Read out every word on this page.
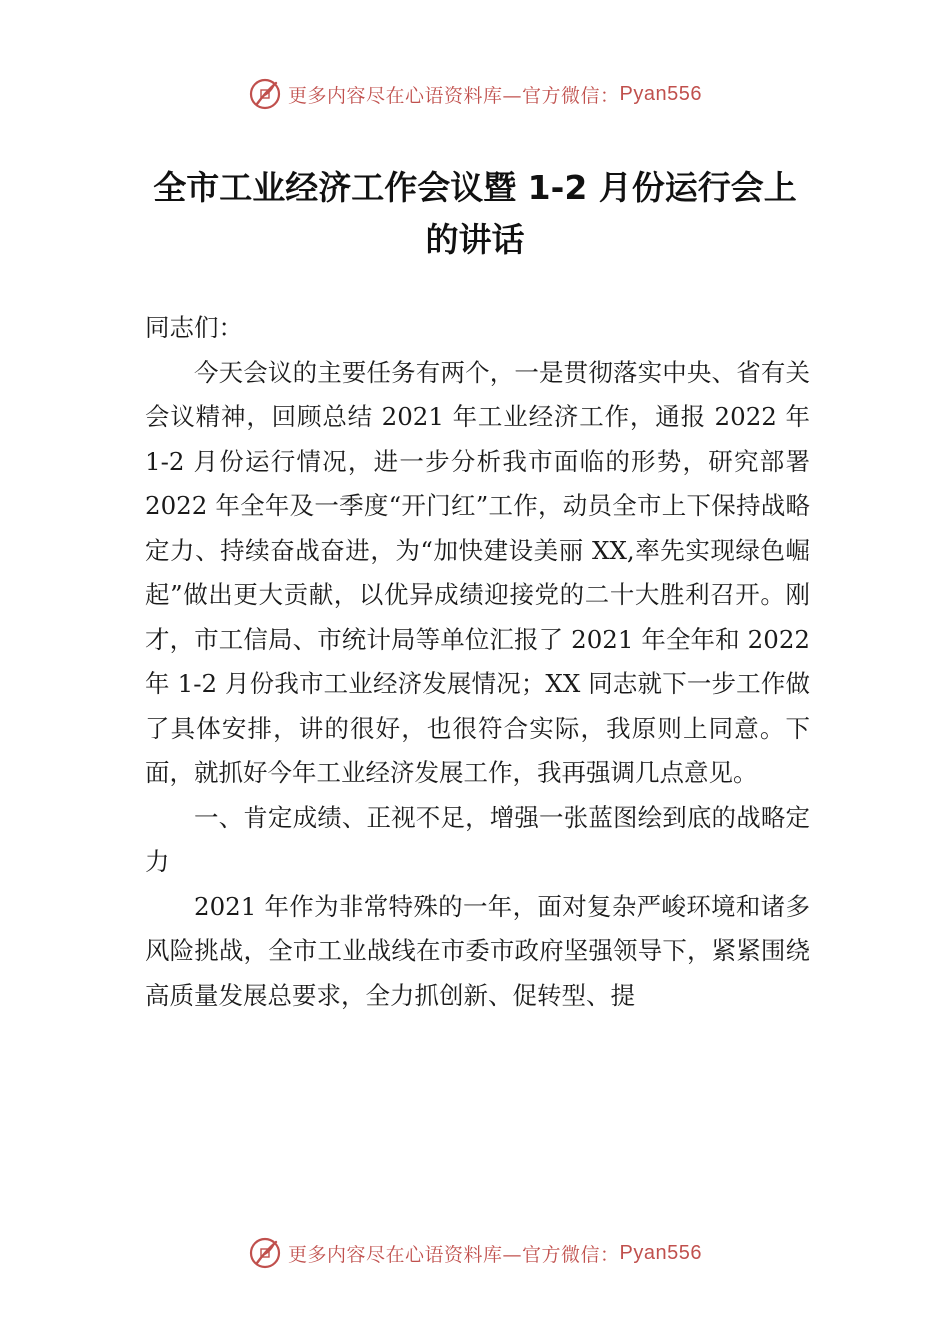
更多内容尽在心语资料库—官方微信： Pyan556
全市工业经济工作会议暨 1-2 月份运行会上
的讲话

同志们：

今天会议的主要任务有两个，一是贯彻落实中央、省有关会议精神，回顾总结 2021 年工业经济工作，通报 2022 年 1-2 月份运行情况，进一步分析我市面临的形势，研究部署 2022 年全年及一季度“开门红”工作，动员全市上下保持战略定力、持续奋战奋进，为“加快建设美丽 XX,率先实现绿色崛起”做出更大贡献，以优异成绩迎接党的二十大胜利召开。刚才，市工信局、市统计局等单位汇报了 2021 年全年和 2022 年 1-2 月份我市工业经济发展情况；XX 同志就下一步工作做了具体安排，讲的很好，也很符合实际，我原则上同意。下面，就抓好今年工业经济发展工作，我再强调几点意见。

一、肯定成绩、正视不足，增强一张蓝图绘到底的战略定力

2021 年作为非常特殊的一年，面对复杂严峻环境和诸多风险挑战，全市工业战线在市委市政府坚强领导下，紧紧围绕高质量发展总要求，全力抓创新、促转型、提

更多内容尽在心语资料库—官方微信： Pyan556
